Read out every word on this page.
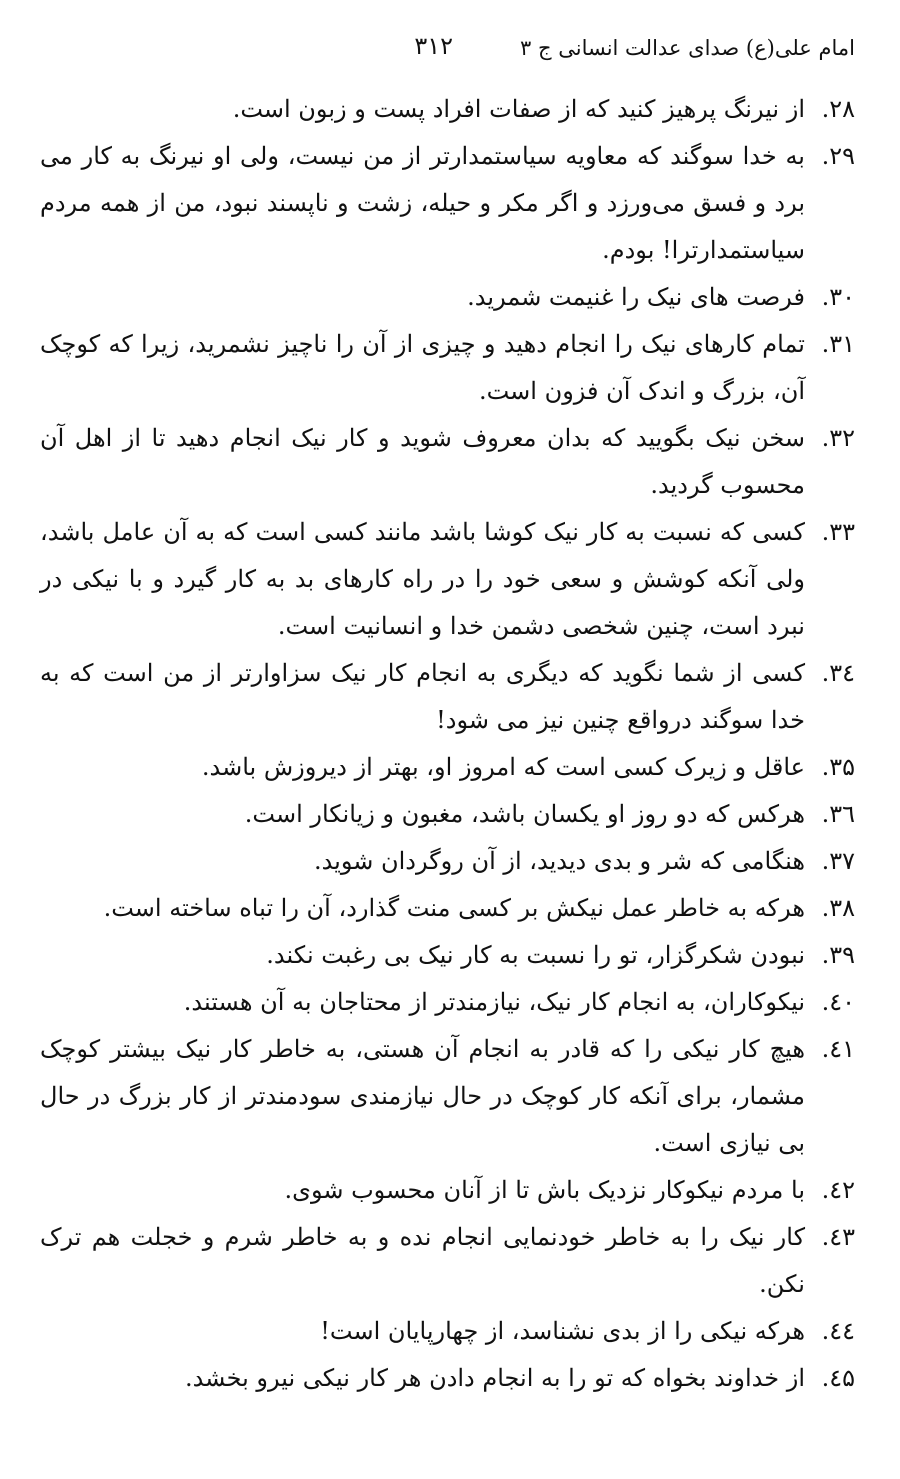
امام علی(ع) صدای عدالت انسانی ج ۳
۳۱۲
۲۸.
از نیرنگ پرهیز کنید که از صفات افراد پست و زبون است.
۲۹.
به خدا سوگند که معاویه سیاستمدارتر از من نیست، ولی او نیرنگ به کار می برد و فسق می‌ورزد و اگر مکر و حیله، زشت و ناپسند نبود، من از همه مردم سیاستمدارترا! بودم.
۳۰.
فرصت های نیک را غنیمت شمرید.
۳۱.
تمام کارهای نیک را انجام دهید و چیزی از آن را ناچیز نشمرید، زیرا که کوچک آن، بزرگ و اندک آن فزون است.
۳۲.
سخن نیک بگویید که بدان معروف شوید و کار نیک انجام دهید تا از اهل آن محسوب گردید.
۳۳.
کسی که نسبت به کار نیک کوشا باشد مانند کسی است که به آن عامل باشد، ولی آنکه کوشش و سعی خود را در راه کارهای بد به کار گیرد و با نیکی در نبرد است، چنین شخصی دشمن خدا و انسانیت است.
۳٤.
کسی از شما نگوید که دیگری به انجام کار نیک سزاوارتر از من است که به خدا سوگند درواقع چنین نیز می شود!
۳۵.
عاقل و زیرک کسی است که امروز او، بهتر از دیروزش باشد.
۳٦.
هرکس که دو روز او یکسان باشد، مغبون و زیانکار است.
۳۷.
هنگامی که شر و بدی دیدید، از آن روگردان شوید.
۳۸.
هرکه به خاطر عمل نیکش بر کسی منت گذارد، آن را تباه ساخته است.
۳۹.
نبودن شکرگزار، تو را نسبت به کار نیک بی رغبت نکند.
٤۰.
نیکوکاران، به انجام کار نیک، نیازمندتر از محتاجان به آن هستند.
٤۱.
هیچ کار نیکی را که قادر به انجام آن هستی، به خاطر کار نیک بیشتر کوچک مشمار، برای آنکه کار کوچک در حال نیازمندی سودمندتر از کار بزرگ در حال بی نیازی است.
٤۲.
با مردم نیکوکار نزدیک باش تا از آنان محسوب شوی.
٤۳.
کار نیک را به خاطر خودنمایی انجام نده و به خاطر شرم و خجلت هم ترک نکن.
٤٤.
هرکه نیکی را از بدی نشناسد، از چهارپایان است!
٤۵.
از خداوند بخواه که تو را به انجام دادن هر کار نیکی نیرو بخشد.
